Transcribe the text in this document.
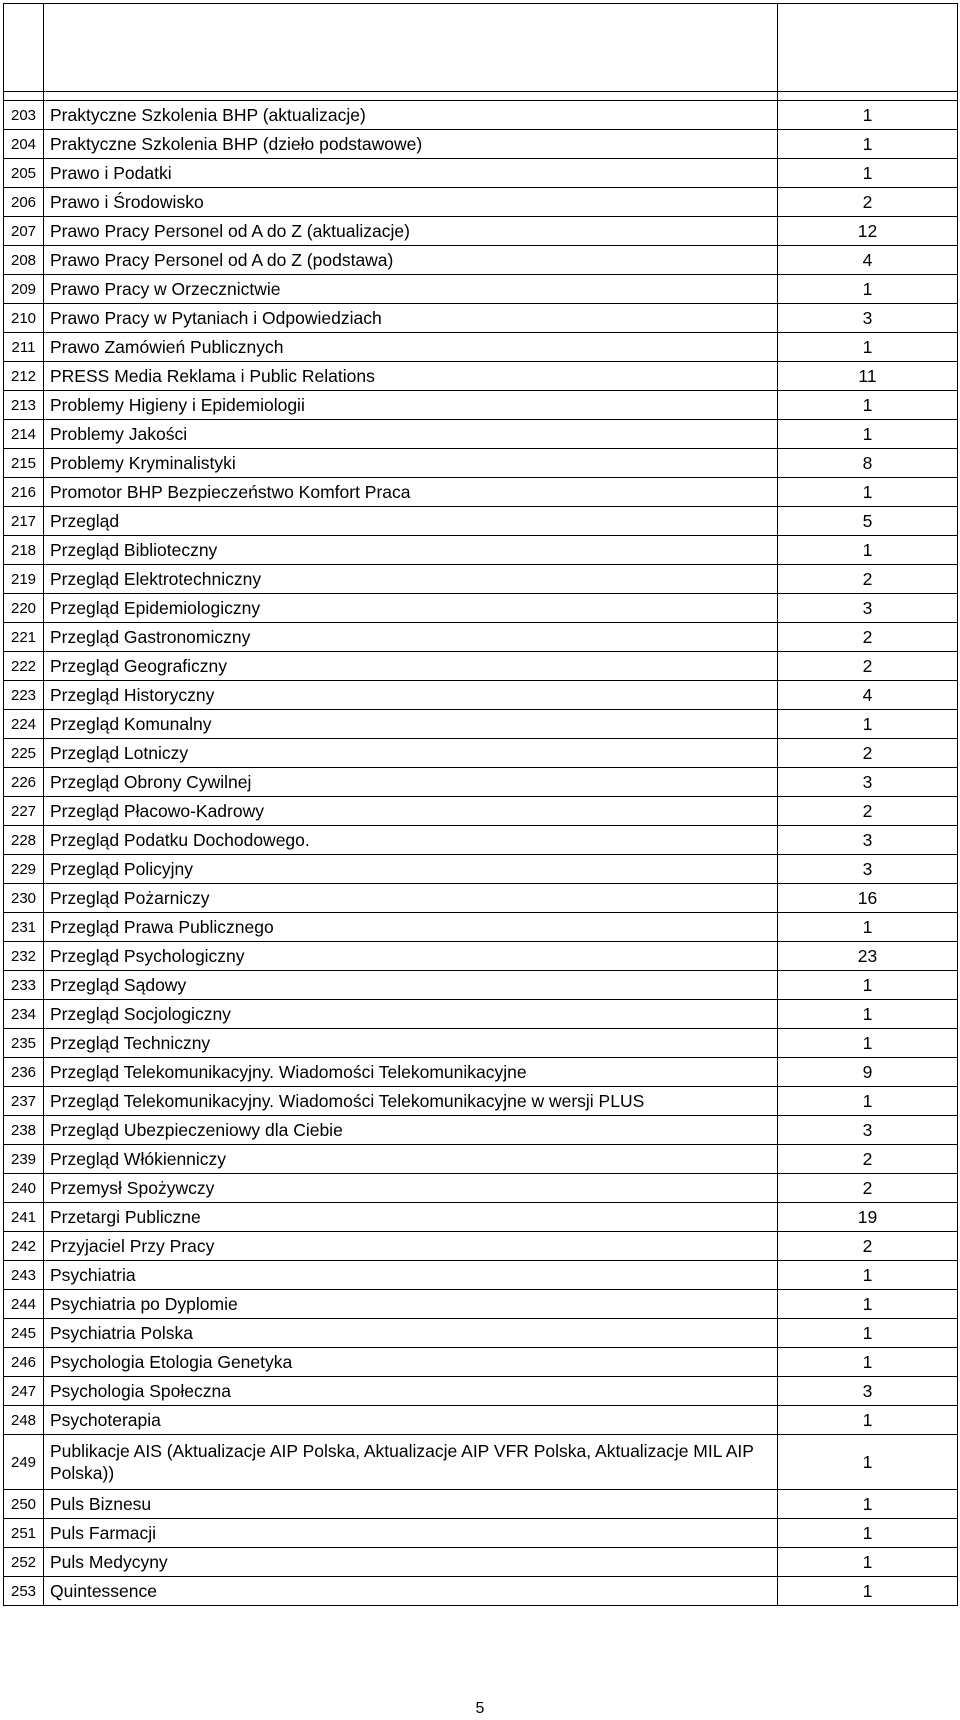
Lp.	Tytuł prasowy	Ilości
egzemplarzy

203	Praktyczne Szkolenia BHP (aktualizacje)	1
204	Praktyczne Szkolenia BHP (dzieło podstawowe)	1
205	Prawo i Podatki	1
206	Prawo i Środowisko	2
207	Prawo Pracy Personel od A do Z (aktualizacje)	12
208	Prawo Pracy Personel od A do Z (podstawa)	4
209	Prawo Pracy w Orzecznictwie	1
210	Prawo Pracy w Pytaniach i Odpowiedziach	3
211	Prawo Zamówień Publicznych	1
212	PRESS Media Reklama i Public Relations	11
213	Problemy Higieny i Epidemiologii	1
214	Problemy Jakości	1
215	Problemy Kryminalistyki	8
216	Promotor BHP Bezpieczeństwo Komfort Praca	1
217	Przegląd	5
218	Przegląd Biblioteczny	1
219	Przegląd Elektrotechniczny	2
220	Przegląd Epidemiologiczny	3
221	Przegląd Gastronomiczny	2
222	Przegląd Geograficzny	2
223	Przegląd Historyczny	4
224	Przegląd Komunalny	1
225	Przegląd Lotniczy	2
226	Przegląd Obrony Cywilnej	3
227	Przegląd Płacowo-Kadrowy	2
228	Przegląd Podatku Dochodowego.	3
229	Przegląd Policyjny	3
230	Przegląd Pożarniczy	16
231	Przegląd Prawa Publicznego	1
232	Przegląd Psychologiczny	23
233	Przegląd Sądowy	1
234	Przegląd Socjologiczny	1
235	Przegląd Techniczny	1
236	Przegląd Telekomunikacyjny. Wiadomości Telekomunikacyjne	9
237	Przegląd Telekomunikacyjny. Wiadomości Telekomunikacyjne w wersji PLUS	1
238	Przegląd Ubezpieczeniowy dla Ciebie	3
239	Przegląd Włókienniczy	2
240	Przemysł Spożywczy	2
241	Przetargi Publiczne	19
242	Przyjaciel Przy Pracy	2
243	Psychiatria	1
244	Psychiatria po Dyplomie	1
245	Psychiatria Polska	1
246	Psychologia Etologia Genetyka	1
247	Psychologia Społeczna	3
248	Psychoterapia	1
249	Publikacje AIS (Aktualizacje AIP Polska, Aktualizacje AIP VFR Polska, Aktualizacje MIL AIP Polska))	1
250	Puls Biznesu	1
251	Puls Farmacji	1
252	Puls Medycyny	1
253	Quintessence	1
5
